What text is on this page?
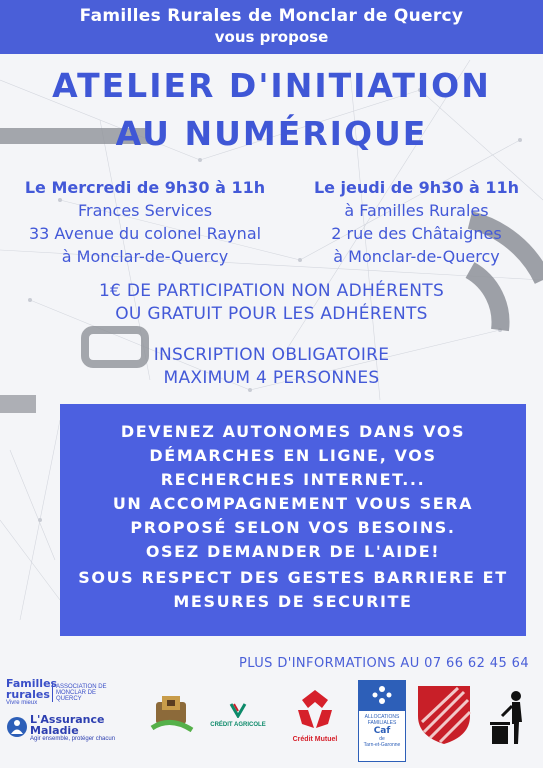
Familles Rurales de Monclar de Quercy
vous propose
ATELIER D'INITIATION
AU NUMÉRIQUE
Le Mercredi de 9h30 à 11h
Frances Services
33 Avenue du colonel Raynal
à Monclar-de-Quercy
Le jeudi de 9h30 à 11h
à Familles Rurales
2 rue des Châtaignes
à Monclar-de-Quercy
1€ DE PARTICIPATION NON ADHÉRENTS
OU GRATUIT POUR LES ADHÉRENTS
INSCRIPTION OBLIGATOIRE
MAXIMUM 4 PERSONNES
DEVENEZ AUTONOMES DANS VOS
DÉMARCHES EN LIGNE, VOS
RECHERCHES INTERNET...
UN ACCOMPAGNEMENT VOUS SERA
PROPOSÉ SELON VOS BESOINS.
OSEZ DEMANDER DE L'AIDE!
SOUS RESPECT DES GESTES BARRIERE ET
MESURES DE SECURITE
PLUS D'INFORMATIONS AU 07 66 62 45 64
Familles rurales
Vivre mieux
ASSOCIATION DE
MONCLAR DE QUERCY
L'Assurance
Maladie
Agir ensemble, protéger chacun
CRÉDIT AGRICOLE
Crédit Mutuel
ALLOCATIONS
FAMILIALES
Caf
de
Tarn-et-Garonne
